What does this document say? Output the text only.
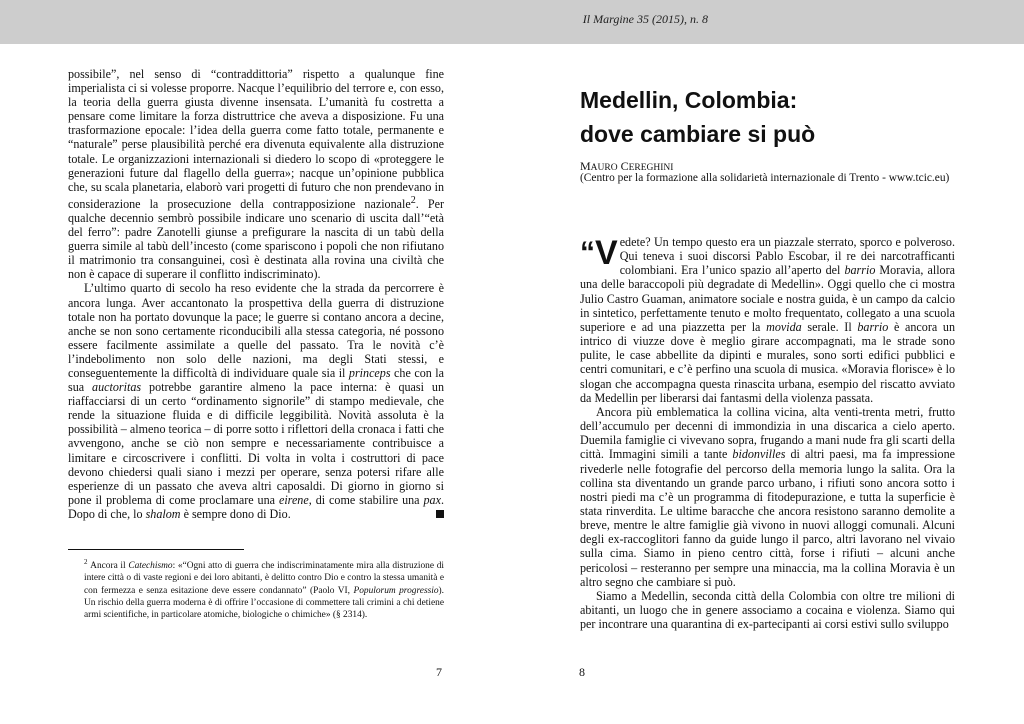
Il Margine 35 (2015), n. 8

possibile”, nel senso di “contraddittoria” rispetto a qualunque fine imperialista ci si volesse proporre. Nacque l’equilibrio del terrore e, con esso, la teoria della guerra giusta divenne insensata. L’umanità fu costretta a pensare come limitare la forza distruttrice che aveva a disposizione. Fu una trasformazione epocale: l’idea della guerra come fatto totale, permanente e “naturale” perse plausibilità perché era divenuta equivalente alla distruzione totale. Le organizzazioni internazionali si diedero lo scopo di «proteggere le generazioni future dal flagello della guerra»; nacque un’opinione pubblica che, su scala planetaria, elaborò vari progetti di futuro che non prendevano in considerazione la prosecuzione della contrapposizione nazionale$^2$. Per qualche decennio sembrò possibile indicare uno scenario di uscita dall’“età del ferro”: padre Zanotelli giunse a prefigurare la nascita di un tabù della guerra simile al tabù dell’incesto (come spariscono i popoli che non rifiutano il matrimonio tra consanguinei, così è destinata alla rovina una civiltà che non è capace di superare il conflitto indiscriminato).

L’ultimo quarto di secolo ha reso evidente che la strada da percorrere è ancora lunga. Aver accantonato la prospettiva della guerra di distruzione totale non ha portato dovunque la pace; le guerre si contano ancora a decine, anche se non sono certamente riconducibili alla stessa categoria, né possono essere facilmente assimilate a quelle del passato. Tra le novità c’è l’indebolimento non solo delle nazioni, ma degli Stati stessi, e conseguentemente la difficoltà di individuare quale sia il princeps che con la sua auctoritas potrebbe garantire almeno la pace interna: è quasi un riaffacciarsi di un certo “ordinamento signorile” di stampo medievale, che rende la situazione fluida e di difficile leggibilità. Novità assoluta è la possibilità – almeno teorica – di porre sotto i riflettori della cronaca i fatti che avvengono, anche se ciò non sempre e necessariamente contribuisce a limitare e circoscrivere i conflitti. Di volta in volta i costruttori di pace devono chiedersi quali siano i mezzi per operare, senza potersi rifare alle esperienze di un passato che aveva altri caposaldi. Di giorno in giorno si pone il problema di come proclamare una eirene, di come stabilire una pax. Dopo di che, lo shalom è sempre dono di Dio.

$^2$ Ancora il Catechismo: «“Ogni atto di guerra che indiscriminatamente mira alla distruzione di intere città o di vaste regioni e dei loro abitanti, è delitto contro Dio e contro la stessa umanità e con fermezza e senza esitazione deve essere condannato” (Paolo VI, Populorum progressio). Un rischio della guerra moderna è di offrire l’occasione di commettere tali crimini a chi detiene armi scientifiche, in particolare atomiche, biologiche o chimiche» (§ 2314).
7
Medellin, Colombia:
dove cambiare si può
MAURO CEREGHINI
(Centro per la formazione alla solidarietà internazionale di Trento - www.tcic.eu)

“V edete? Un tempo questo era un piazzale sterrato, sporco e polveroso. Qui teneva i suoi discorsi Pablo Escobar, il re dei narcotrafficanti colombiani. Era l’unico spazio all’aperto del barrio Moravia, allora una delle baraccopoli più degradate di Medellin». Oggi quello che ci mostra Julio Castro Guaman, animatore sociale e nostra guida, è un campo da calcio in sintetico, perfettamente tenuto e molto frequentato, collegato a una scuola superiore e ad una piazzetta per la movida serale. Il barrio è ancora un intrico di viuzze dove è meglio girare accompagnati, ma le strade sono pulite, le case abbellite da dipinti e murales, sono sorti edifici pubblici e centri comunitari, e c’è perfino una scuola di musica. «Moravia florisce» è lo slogan che accompagna questa rinascita urbana, esempio del riscatto avviato da Medellin per liberarsi dai fantasmi della violenza passata.

Ancora più emblematica la collina vicina, alta venti-trenta metri, frutto dell’accumulo per decenni di immondizia in una discarica a cielo aperto. Duemila famiglie ci vivevano sopra, frugando a mani nude fra gli scarti della città. Immagini simili a tante bidonvilles di altri paesi, ma fa impressione rivederle nelle fotografie del percorso della memoria lungo la salita. Ora la collina sta diventando un grande parco urbano, i rifiuti sono ancora sotto i nostri piedi ma c’è un programma di fitodepurazione, e tutta la superficie è stata rinverdita. Le ultime baracche che ancora resistono saranno demolite a breve, mentre le altre famiglie già vivono in nuovi alloggi comunali. Alcuni degli ex-raccoglitori fanno da guide lungo il parco, altri lavorano nel vivaio sulla cima. Siamo in pieno centro città, forse i rifiuti – alcuni anche pericolosi – resteranno per sempre una minaccia, ma la collina Moravia è un altro segno che cambiare si può.

Siamo a Medellin, seconda città della Colombia con oltre tre milioni di abitanti, un luogo che in genere associamo a cocaina e violenza. Siamo qui per incontrare una quarantina di ex-partecipanti ai corsi estivi sullo sviluppo

8
